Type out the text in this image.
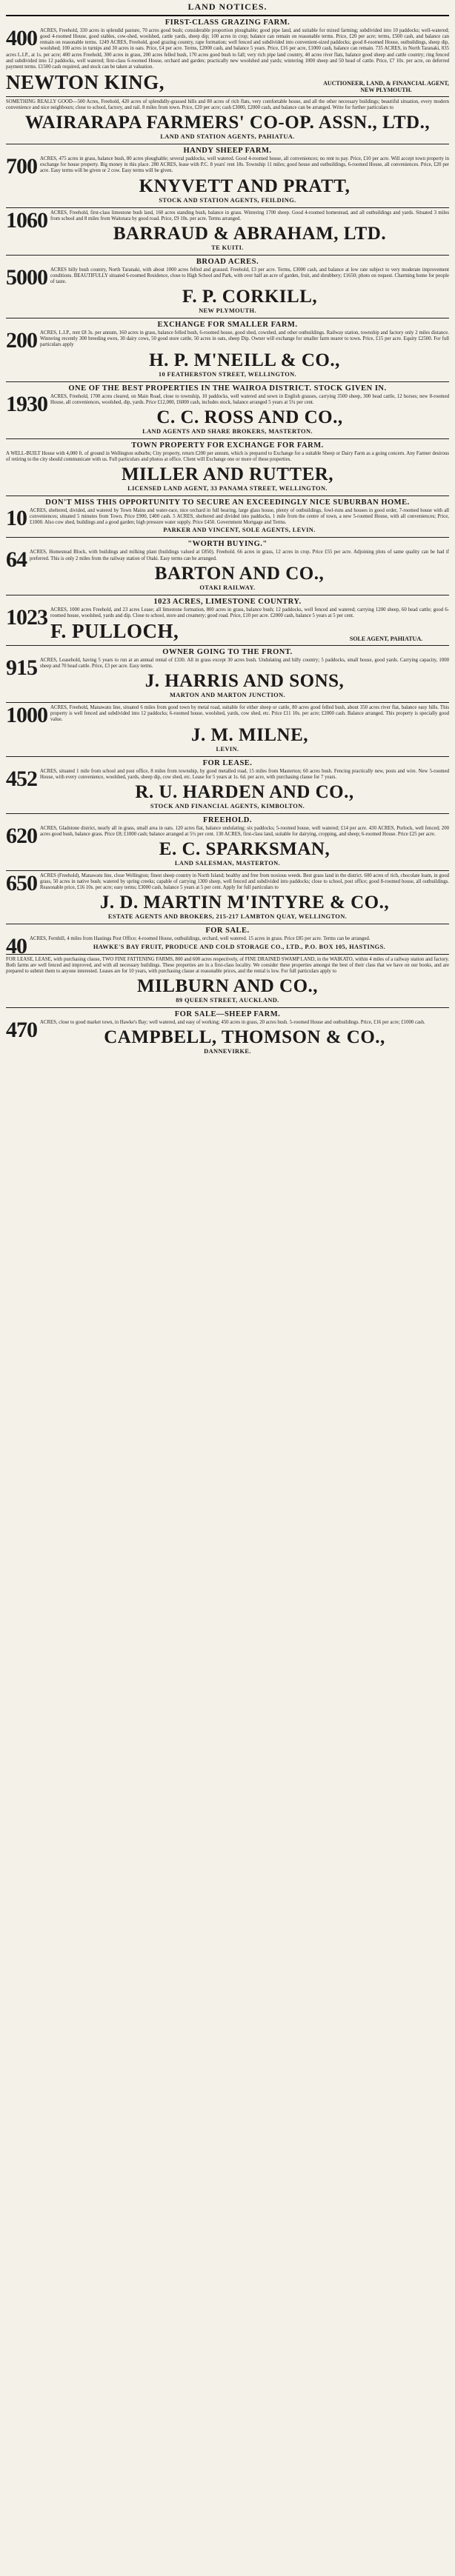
LAND NOTICES.
FIRST-CLASS GRAZING FARM.
400 ACRES, Freehold, 330 acres in splendid pasture, 70 acres good bush; considerable proportion ploughable; good pipe land, and suitable for mixed farming; subdivided into 10 paddocks; well-watered; good 4-roomed House, good stables, cow-shed, woolshed, cattle yards, sheep dip; 100 acres in crop; balance can remain on reasonable terms. Price, £20 per acre; terms, £500 cash, and balance can remain on reasonable terms. 1249 ACRES, Freehold, good grazing country, rape formation; well fenced and subdivided into convenient-sized paddocks; good 8-roomed House, outbuildings, sheep dip, woolshed; 100 acres in turnips and 30 acres in oats. Price, £4 per acre. Terms, £2000 cash, and balance 5 years. Price, £16 per acre, £1000 cash, balance can remain. 735 ACRES, in North Taranaki, 835 acres L.I.P., at 1s. per acre; 400 acres Freehold, 300 acres in grass, 200 acres felled bush, 170 acres good bush to fall; very rich pipe land country, 40 acres river flats, balance good sheep and cattle country; ring fenced and subdivided into 12 paddocks, well watered; first-class 6-roomed House, orchard and garden; practically new woolshed and yards; wintering 1000 sheep and 50 head of cattle. Price, £7 10s. per acre, on deferred payment terms. £1500 cash required, and stock can be taken at valuation.
NEWTON KING,	AUCTIONEER, LAND, & FINANCIAL AGENT, NEW PLYMOUTH.
SOMETHING REALLY GOOD—500 Acres, Freehold, 420 acres of splendidly-grassed hills and 80 acres of rich flats, very comfortable house, and all the other necessary buildings; beautiful situation, every modern convenience and nice neighbours; close to school, factory, and rail. 8 miles from town. Price, £20 per acre; cash £3000, £2000 cash, and balance can be arranged. Write for further particulars to
WAIRARAPA FARMERS' CO-OP. ASSN., LTD.,
LAND AND STATION AGENTS, PAHIATUA.
HANDY SHEEP FARM.
700 ACRES, 475 acres in grass, balance bush, 80 acres ploughable; several paddocks, well watered. Good 4-roomed house, all conveniences; no rent to pay. Price, £10 per acre. Will accept town property in exchange for house property. Big money in this place. 280 ACRES, lease with P.C. 8 years' rent 18s. Township 11 miles; good house and outbuildings, 6-roomed House, all conveniences. Price, £20 per acre. Easy terms will be given or 2 cow. Easy terms will be given.
KNYVETT AND PRATT,
STOCK AND STATION AGENTS, FEILDING.
1060 ACRES, Freehold, first-class limestone bush land, 160 acres standing bush, balance in grass. Wintering 1700 sheep. Good 4-roomed homestead, and all outbuildings and yards. Situated 3 miles from school and 8 miles from Waitotara by good road. Price, £9 10s. per acre. Terms arranged.
BARRAUD & ABRAHAM, LTD.
TE KUITI.
BROAD ACRES.
5000 ACRES hilly bush country, North Taranaki, with about 1000 acres felled and grassed. Freehold, £3 per acre. Terms, £3000 cash, and balance at low rate subject to very moderate improvement conditions. BEAUTIFULLY situated 6-roomed Residence, close to High School and Park, with over half an acre of garden, fruit, and shrubbery; £1650; photo on request. Charming home for people of taste.
F. P. CORKILL,
NEW PLYMOUTH.
EXCHANGE FOR SMALLER FARM.
200 ACRES, L.I.P., rent £8 3s. per annum, 160 acres in grass, balance felled bush, 6-roomed house, good shed, cowshed, and other outbuildings. Railway station, township and factory only 2 miles distance. Wintering recently 300 breeding ewes, 30 dairy cows, 50 good store cattle, 50 acres in oats, sheep Dip. Owner will exchange for smaller farm nearer to town. Price, £15 per acre. Equity £2500. For full particulars apply
H. P. M'NEILL & CO.,
10 FEATHERSTON STREET, WELLINGTON.
ONE OF THE BEST PROPERTIES IN THE WAIROA DISTRICT. STOCK GIVEN IN.
1930 ACRES, Freehold, 1700 acres cleared, on Main Road, close to township, 10 paddocks, well watered and sown in English grasses, carrying 3500 sheep, 300 head cattle, 12 horses; new 8-roomed House, all conveniences, woolshed, dip, yards. Price £12,000, £6000 cash, includes stock, balance arranged 5 years at 5¼ per cent.
C. C. ROSS AND CO.,
LAND AGENTS AND SHARE BROKERS, MASTERTON.
TOWN PROPERTY FOR EXCHANGE FOR FARM.
A WELL-BUILT House with 4,000 ft. of ground in Wellington suburbs; City property, return £200 per annum, which is prepared to Exchange for a suitable Sheep or Dairy Farm as a going concern. Any Farmer desirous of retiring to the city should communicate with us. Full particulars and photos at office. Client will Exchange one or more of these properties.
MILLER AND RUTTER,
LICENSED LAND AGENT, 33 PANAMA STREET, WELLINGTON.
DON'T MISS THIS OPPORTUNITY TO SECURE AN EXCEEDINGLY NICE SUBURBAN HOME.
10 ACRES, sheltered, divided, and watered by Town Mains and water-race, nice orchard in full bearing, large glass house, plenty of outbuildings, fowl-runs and houses in good order, 7-roomed house with all conveniences; situated 5 minutes from Town. Price £900, £400 cash. 5 ACRES, sheltered and divided into paddocks, 1 mile from the centre of town, a new 5-roomed House, with all conveniences; Price, £1000. Also cow shed, buildings and a good garden; high pressure water supply. Price £450. Government Mortgage and Terms.
PARKER AND VINCENT, SOLE AGENTS, LEVIN.
"WORTH BUYING."
64 ACRES, Homestead Block, with buildings and milking plant (buildings valued at £850). Freehold. 66 acres in grass, 12 acres in crop. Price £55 per acre. Adjoining plots of same quality can be had if preferred. This is only 2 miles from the railway station of Otaki. Easy terms can be arranged.
BARTON AND CO.,
OTAKI RAILWAY.
1023 ACRES, LIMESTONE COUNTRY.
1023 ACRES, 1000 acres Freehold, and 23 acres Lease; all limestone formation, 800 acres in grass, balance bush; 12 paddocks, well fenced and watered; carrying 1200 sheep, 60 head cattle; good 6-roomed house, woolshed, yards and dip. Close to school, store and creamery; good road. Price, £10 per acre. £2000 cash, balance 5 years at 5 per cent.
F. PULLOCH,	SOLE AGENT, PAHIATUA.
OWNER GOING TO THE FRONT.
915 ACRES, Leasehold, having 5 years to run at an annual rental of £330. All in grass except 30 acres bush. Undulating and hilly country; 5 paddocks, small house, good yards. Carrying capacity, 1000 sheep and 70 head cattle. Price, £3 per acre. Easy terms.
J. HARRIS AND SONS,
MARTON AND MARTON JUNCTION.
1000 ACRES, Freehold, Manawatu line, situated 6 miles from good town by metal road, suitable for either sheep or cattle, 80 acres good felled bush, about 350 acres river flat, balance easy hills. This property is well fenced and subdivided into 12 paddocks; 6-roomed house, woolshed, yards, cow shed, etc. Price £11 10s. per acre; £2000 cash. Balance arranged. This property is specially good value.
J. M. MILNE,
LEVIN.
FOR LEASE.
452 ACRES, situated 1 mile from school and post office, 8 miles from township, by good metalled road, 15 miles from Masterton; 60 acres bush. Fencing practically new, posts and wire. New 5-roomed House, with every convenience, woolshed, yards, sheep dip, cow shed, etc. Lease for 5 years at 1s. 6d. per acre, with purchasing clause for 7 years.
R. U. HARDEN AND CO.,
STOCK AND FINANCIAL AGENTS, KIMBOLTON.
FREEHOLD.
620 ACRES, Gladstone district, nearly all in grass, small area in oats. 120 acres flat, balance undulating; six paddocks; 5-roomed house, well watered; £14 per acre. 430 ACRES, Porlock, well fenced; 200 acres good bush, balance grass. Price £8; £1000 cash; balance arranged at 5½ per cent. 130 ACRES, first-class land, suitable for dairying, cropping, and sheep; 6-roomed House. Price £25 per acre.
E. C. SPARKSMAN,
LAND SALESMAN, MASTERTON.
650 ACRES (Freehold), Manawatu line, close Wellington; finest sheep country in North Island; healthy and free from noxious weeds. Best grass land in the district. 600 acres of rich, chocolate loam, in good grass, 50 acres in native bush; watered by spring creeks; capable of carrying 1300 sheep, well fenced and subdivided into paddocks; close to school, post office; good 8-roomed house, all outbuildings. Reasonable price, £16 10s. per acre; easy terms; £3000 cash, balance 5 years at 5 per cent. Apply for full particulars to
J. D. MARTIN M'INTYRE & CO.,
ESTATE AGENTS AND BROKERS, 215-217 LAMBTON QUAY, WELLINGTON.
FOR SALE.
40 ACRES, Fernhill, 4 miles from Hastings Post Office; 4-roomed House, outbuildings, orchard, well watered. 15 acres in grass. Price £85 per acre. Terms can be arranged.
HAWKE'S BAY FRUIT, PRODUCE AND COLD STORAGE CO., LTD., P.O. BOX 105, HASTINGS.
FOR LEASE, LEASE, with purchasing clause, TWO FINE FATTENING FARMS, 800 and 600 acres respectively, of FINE DRAINED SWAMP LAND, in the WAIKATO, within 4 miles of a railway station and factory. Both farms are well fenced and improved, and with all necessary buildings. These properties are in a first-class locality. We consider these properties amongst the best of their class that we have on our books, and are prepared to submit them to anyone interested. Leases are for 10 years, with purchasing clause at reasonable prices, and the rental is low. For full particulars apply to
MILBURN AND CO.,
89 QUEEN STREET, AUCKLAND.
FOR SALE—SHEEP FARM.
470 ACRES, close to good market town, in Hawke's Bay; well watered, and easy of working; 450 acres in grass, 20 acres bush. 5-roomed House and outbuildings. Price, £16 per acre; £1000 cash.
CAMPBELL, THOMSON & CO.,
DANNEVIRKE.
